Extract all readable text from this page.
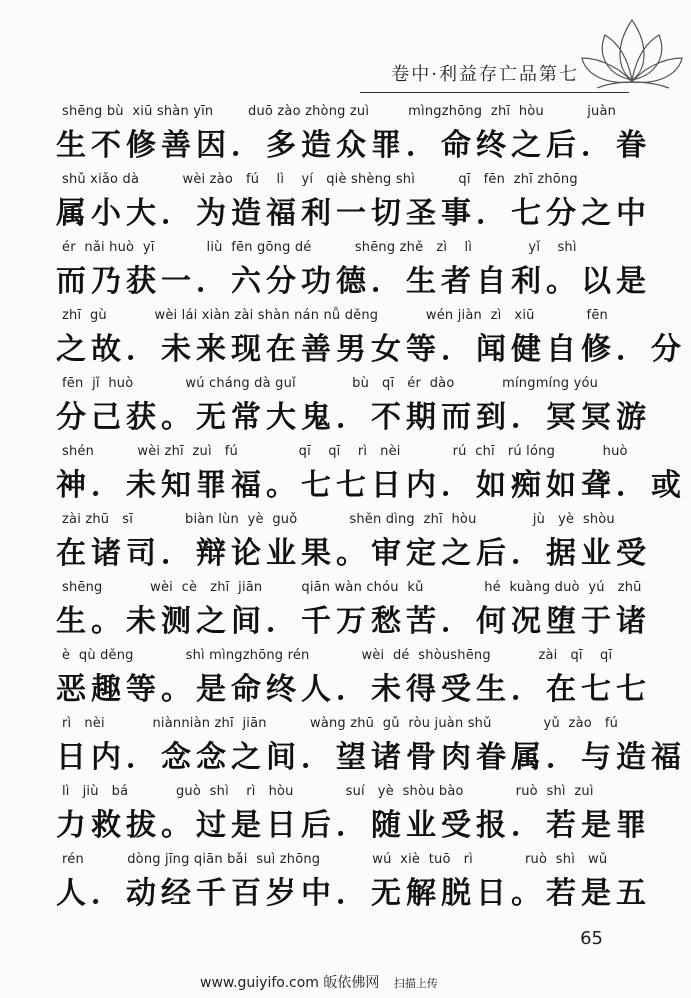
卷中·利益存亡品第七
shēng bù  xiū shàn yīn        duō zào zhòng zuì         mìngzhōng  zhī  hòu          juàn
生不修善因．多造众罪．命终之后．眷
shǔ xiǎo dà          wèi zào   fú    lì    yí   qiè shèng shì          qī   fēn  zhī zhōng
属小大．为造福利一切圣事．七分之中
ér  nǎi huò  yī            liù  fēn gōng dé          shēng zhě   zì    lì             yǐ    shì
而乃获一．六分功德．生者自利。以是
zhī  gù           wèi lái xiàn zài shàn nán nǚ děng           wén jiàn  zì   xiū            fēn
之故．未来现在善男女等．闻健自修．分
fēn  jǐ  huò            wú cháng dà guǐ             bù   qī   ér  dào           míngmíng yóu
分己获。无常大鬼．不期而到．冥冥游
shén          wèi zhī  zuì   fú              qī    qī    rì   nèi            rú  chī   rú lóng           huò
神．未知罪福。七七日内．如痴如聋．或
zài zhū   sī            biàn lùn  yè  guǒ            shěn dìng  zhī  hòu             jù   yè  shòu
在诸司．辩论业果。审定之后．据业受
shēng           wèi  cè   zhī  jiān         qiān wàn chóu  kǔ              hé  kuàng duò  yú   zhū
生。未测之间．千万愁苦．何况堕于诸
è  qù děng            shì mìngzhōng rén            wèi  dé  shòushēng           zài   qī    qī
恶趣等。是命终人．未得受生．在七七
rì   nèi           niànniàn zhī  jiān          wàng zhū  gǔ  ròu juàn shǔ            yǔ  zào   fú
日内．念念之间．望诸骨肉眷属．与造福
lì   jiù   bá           guò  shì    rì   hòu            suí   yè  shòu bào            ruò  shì  zuì
力救拔。过是日后．随业受报．若是罪
rén          dòng jīng qiān bǎi  suì zhōng            wú  xiè  tuō   rì            ruò  shì   wǔ
人．动经千百岁中．无解脱日。若是五
65
www.guiyifo.com 皈依佛网 扫描上传
